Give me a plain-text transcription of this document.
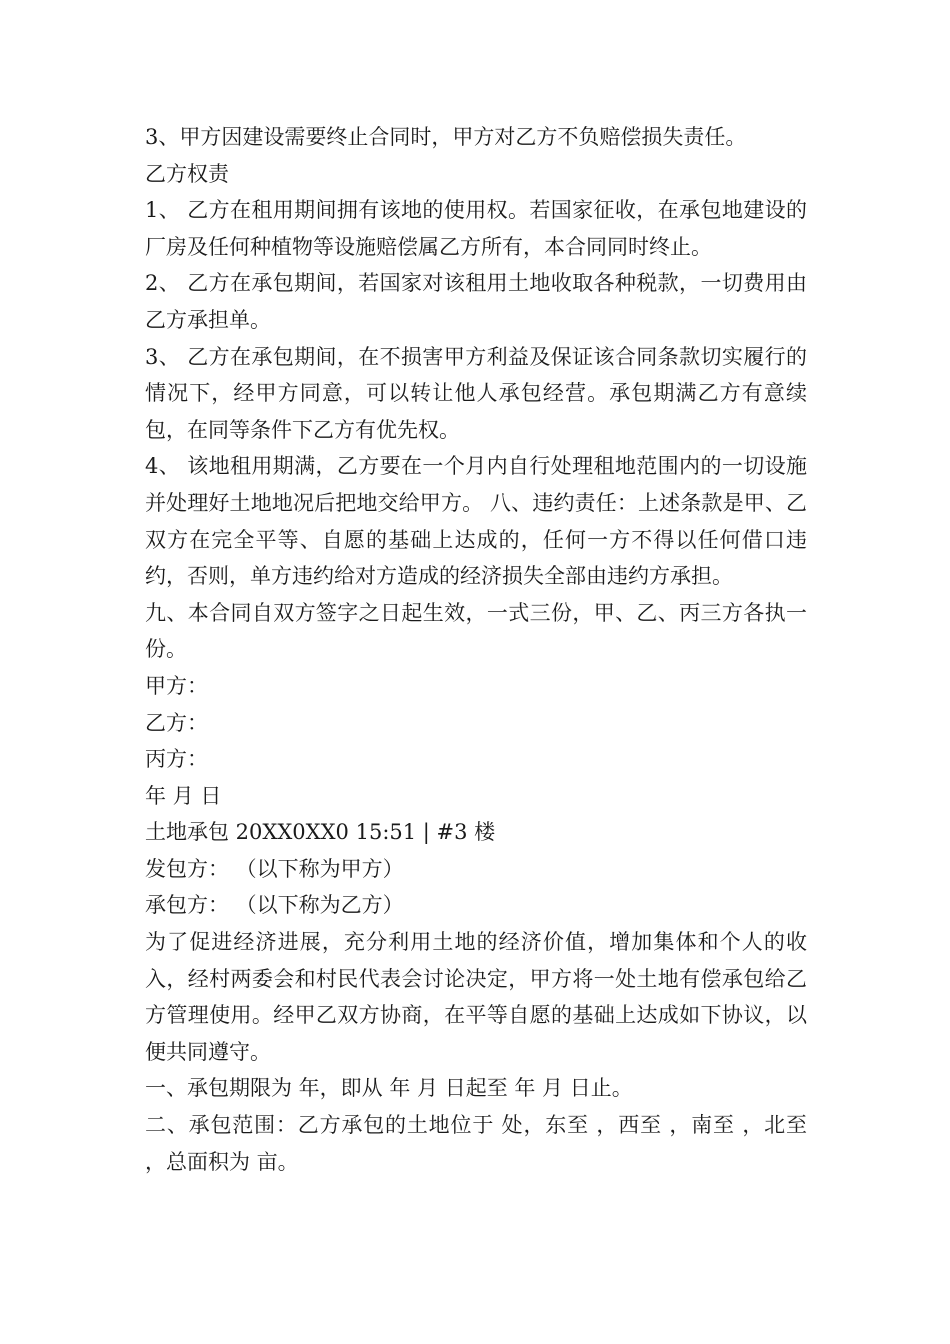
3、甲方因建设需要终止合同时，甲方对乙方不负赔偿损失责任。

乙方权责

1、 乙方在租用期间拥有该地的使用权。若国家征收，在承包地建设的厂房及任何种植物等设施赔偿属乙方所有，本合同同时终止。

2、 乙方在承包期间，若国家对该租用土地收取各种税款，一切费用由乙方承担单。

3、 乙方在承包期间，在不损害甲方利益及保证该合同条款切实履行的情况下，经甲方同意，可以转让他人承包经营。承包期满乙方有意续包，在同等条件下乙方有优先权。

4、 该地租用期满，乙方要在一个月内自行处理租地范围内的一切设施并处理好土地地况后把地交给甲方。 八、违约责任：上述条款是甲、乙双方在完全平等、自愿的基础上达成的，任何一方不得以任何借口违约，否则，单方违约给对方造成的经济损失全部由违约方承担。

九、本合同自双方签字之日起生效，一式三份，甲、乙、丙三方各执一份。

甲方：

乙方：

丙方：

年 月 日

土地承包 20XX0XX0 15:51 | #3 楼

发包方： （以下称为甲方）

承包方： （以下称为乙方）

为了促进经济进展，充分利用土地的经济价值，增加集体和个人的收入，经村两委会和村民代表会讨论决定，甲方将一处土地有偿承包给乙方管理使用。经甲乙双方协商，在平等自愿的基础上达成如下协议，以便共同遵守。

一、承包期限为 年，即从 年 月 日起至 年 月 日止。

二、承包范围：乙方承包的土地位于 处，东至 ，西至 ，南至 ，北至 ，总面积为 亩。
